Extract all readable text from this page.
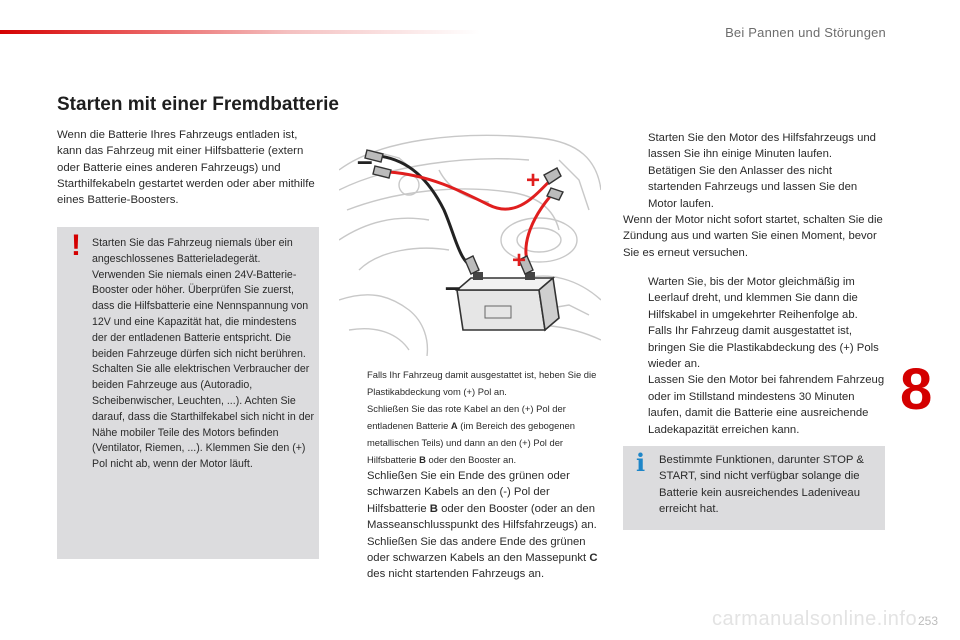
Bei Pannen und Störungen
Starten mit einer Fremdbatterie

Wenn die Batterie Ihres Fahrzeugs entladen ist, kann das Fahrzeug mit einer Hilfsbatterie (extern oder Batterie eines anderen Fahrzeugs) und Starthilfekabeln gestartet werden oder aber mithilfe eines Batterie-Boosters.

! Starten Sie das Fahrzeug niemals über ein angeschlossenes Batterieladegerät. Verwenden Sie niemals einen 24V-Batterie-Booster oder höher. Überprüfen Sie zuerst, dass die Hilfsbatterie eine Nennspannung von 12V und eine Kapazität hat, die mindestens der der entladenen Batterie entspricht. Die beiden Fahrzeuge dürfen sich nicht berühren. Schalten Sie alle elektrischen Verbraucher der beiden Fahrzeuge aus (Autoradio, Scheibenwischer, Leuchten, ...). Achten Sie darauf, dass die Starthilfekabel sich nicht in der Nähe mobiler Teile des Motors befinden (Ventilator, Riemen, ...). Klemmen Sie den (+) Pol nicht ab, wenn der Motor läuft.

–
+
+
–
Falls Ihr Fahrzeug damit ausgestattet ist, heben Sie die Plastikabdeckung vom (+) Pol an.
Schließen Sie das rote Kabel an den (+) Pol der entladenen Batterie A (im Bereich des gebogenen metallischen Teils) und dann an den (+) Pol der Hilfsbatterie B oder den Booster an.
Schließen Sie ein Ende des grünen oder schwarzen Kabels an den (-) Pol der Hilfsbatterie B oder den Booster (oder an den Masseanschlusspunkt des Hilfsfahrzeugs) an.
Schließen Sie das andere Ende des grünen oder schwarzen Kabels an den Massepunkt C des nicht startenden Fahrzeugs an.
Starten Sie den Motor des Hilfsfahrzeugs und lassen Sie ihn einige Minuten laufen.
Betätigen Sie den Anlasser des nicht startenden Fahrzeugs und lassen Sie den Motor laufen.

Wenn der Motor nicht sofort startet, schalten Sie die Zündung aus und warten Sie einen Moment, bevor Sie es erneut versuchen.

Warten Sie, bis der Motor gleichmäßig im Leerlauf dreht, und klemmen Sie dann die Hilfskabel in umgekehrter Reihenfolge ab.
Falls Ihr Fahrzeug damit ausgestattet ist, bringen Sie die Plastikabdeckung des (+) Pols wieder an.
Lassen Sie den Motor bei fahrendem Fahrzeug oder im Stillstand mindestens 30 Minuten laufen, damit die Batterie eine ausreichende Ladekapazität erreichen kann.
i Bestimmte Funktionen, darunter STOP & START, sind nicht verfügbar solange die Batterie kein ausreichendes Ladeniveau erreicht hat.

8
carmanualsonline.info 253
